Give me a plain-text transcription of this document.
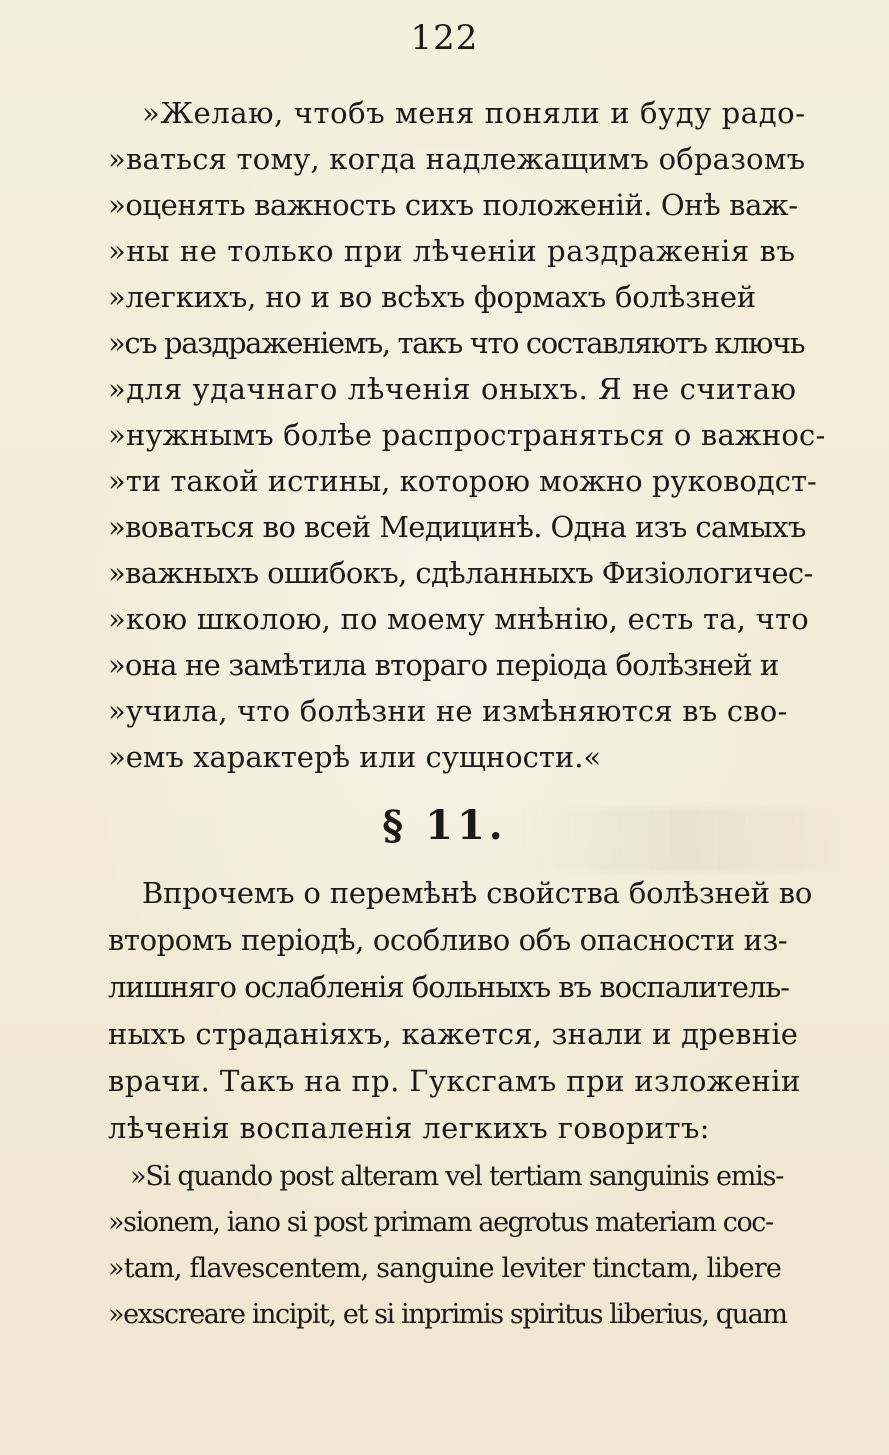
122
»Желаю, чтобъ меня поняли и буду радо-
»ваться тому, когда надлежащимъ образомъ
»оценять важность сихъ положеній. Онѣ важ-
»ны не только при лѣченіи раздраженія въ
»легкихъ, но и во всѣхъ формахъ болѣзней
»съ раздраженіемъ, такъ что составляютъ ключь
»для удачнаго лѣченія оныхъ. Я не считаю
»нужнымъ болѣе распространяться о важнос-
»ти такой истины, которою можно руководст-
»воваться во всей Медицинѣ. Одна изъ самыхъ
»важныхъ ошибокъ, сдѣланныхъ Физіологичес-
»кою школою, по моему мнѣнію, есть та, что
»она не замѣтила втораго періода болѣзней и
»учила, что болѣзни не измѣняются въ сво-
»емъ характерѣ или сущности.«
§ 11.
Впрочемъ о перемѣнѣ свойства болѣзней во
второмъ періодѣ, особливо объ опасности из-
лишняго ослабленія больныхъ въ воспалитель-
ныхъ страданіяхъ, кажется, знали и древніе
врачи. Такъ на пр. Гуксгамъ при изложеніи
лѣченія воспаленія легкихъ говоритъ:
»Si quando post alteram vel tertiam sanguinis emis-
»sionem, iano si post primam aegrotus materiam coc-
»tam, flavescentem, sanguine leviter tinctam, libere
»exscreare incipit, et si inprimis spiritus liberius, quam
